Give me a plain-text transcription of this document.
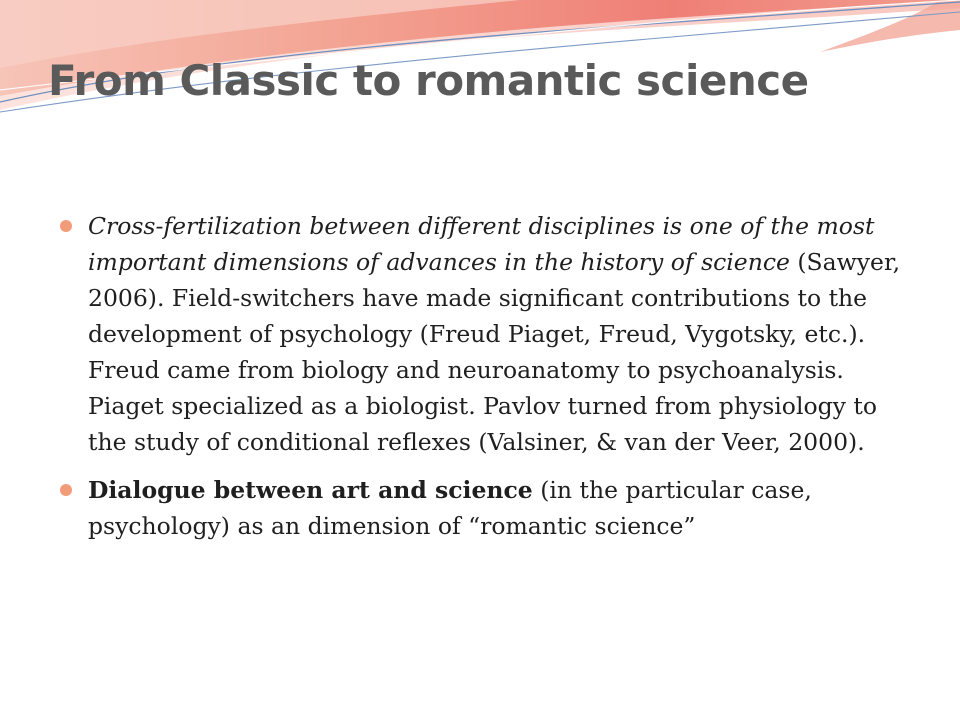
From Classic to romantic science
Cross-fertilization between different disciplines is one of the most important dimensions of advances in the history of science (Sawyer, 2006). Field-switchers have made significant contributions to the development of psychology (Freud Piaget, Freud, Vygotsky, etc.). Freud came from biology and neuroanatomy to psychoanalysis. Piaget specialized as a biologist. Pavlov turned from physiology to the study of conditional reflexes (Valsiner, & van der Veer, 2000).
Dialogue between art and science (in the particular case, psychology) as an dimension of “romantic science”
